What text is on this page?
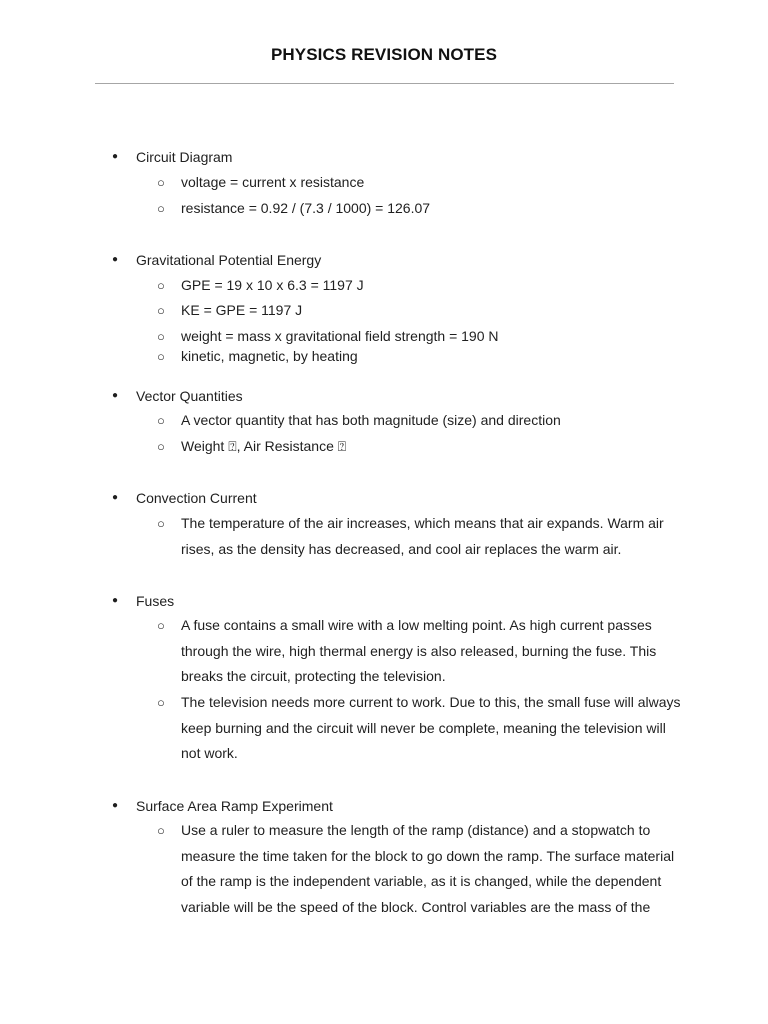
PHYSICS REVISION NOTES
● Circuit Diagram
○ voltage = current x resistance
○ resistance = 0.92 / (7.3 / 1000) = 126.07
● Gravitational Potential Energy
○ GPE = 19 x 10 x 6.3 = 1197 J
○ KE = GPE = 1197 J
○ weight = mass x gravitational field strength = 190 N
○ kinetic, magnetic, by heating
● Vector Quantities
○ A vector quantity that has both magnitude (size) and direction
○ Weight ⍰, Air Resistance ⍰
● Convection Current
○ The temperature of the air increases, which means that air expands. Warm air rises, as the density has decreased, and cool air replaces the warm air.
● Fuses
○ A fuse contains a small wire with a low melting point. As high current passes through the wire, high thermal energy is also released, burning the fuse. This breaks the circuit, protecting the television.
○ The television needs more current to work. Due to this, the small fuse will always keep burning and the circuit will never be complete, meaning the television will not work.
● Surface Area Ramp Experiment
○ Use a ruler to measure the length of the ramp (distance) and a stopwatch to measure the time taken for the block to go down the ramp. The surface material of the ramp is the independent variable, as it is changed, while the dependent variable will be the speed of the block. Control variables are the mass of the
